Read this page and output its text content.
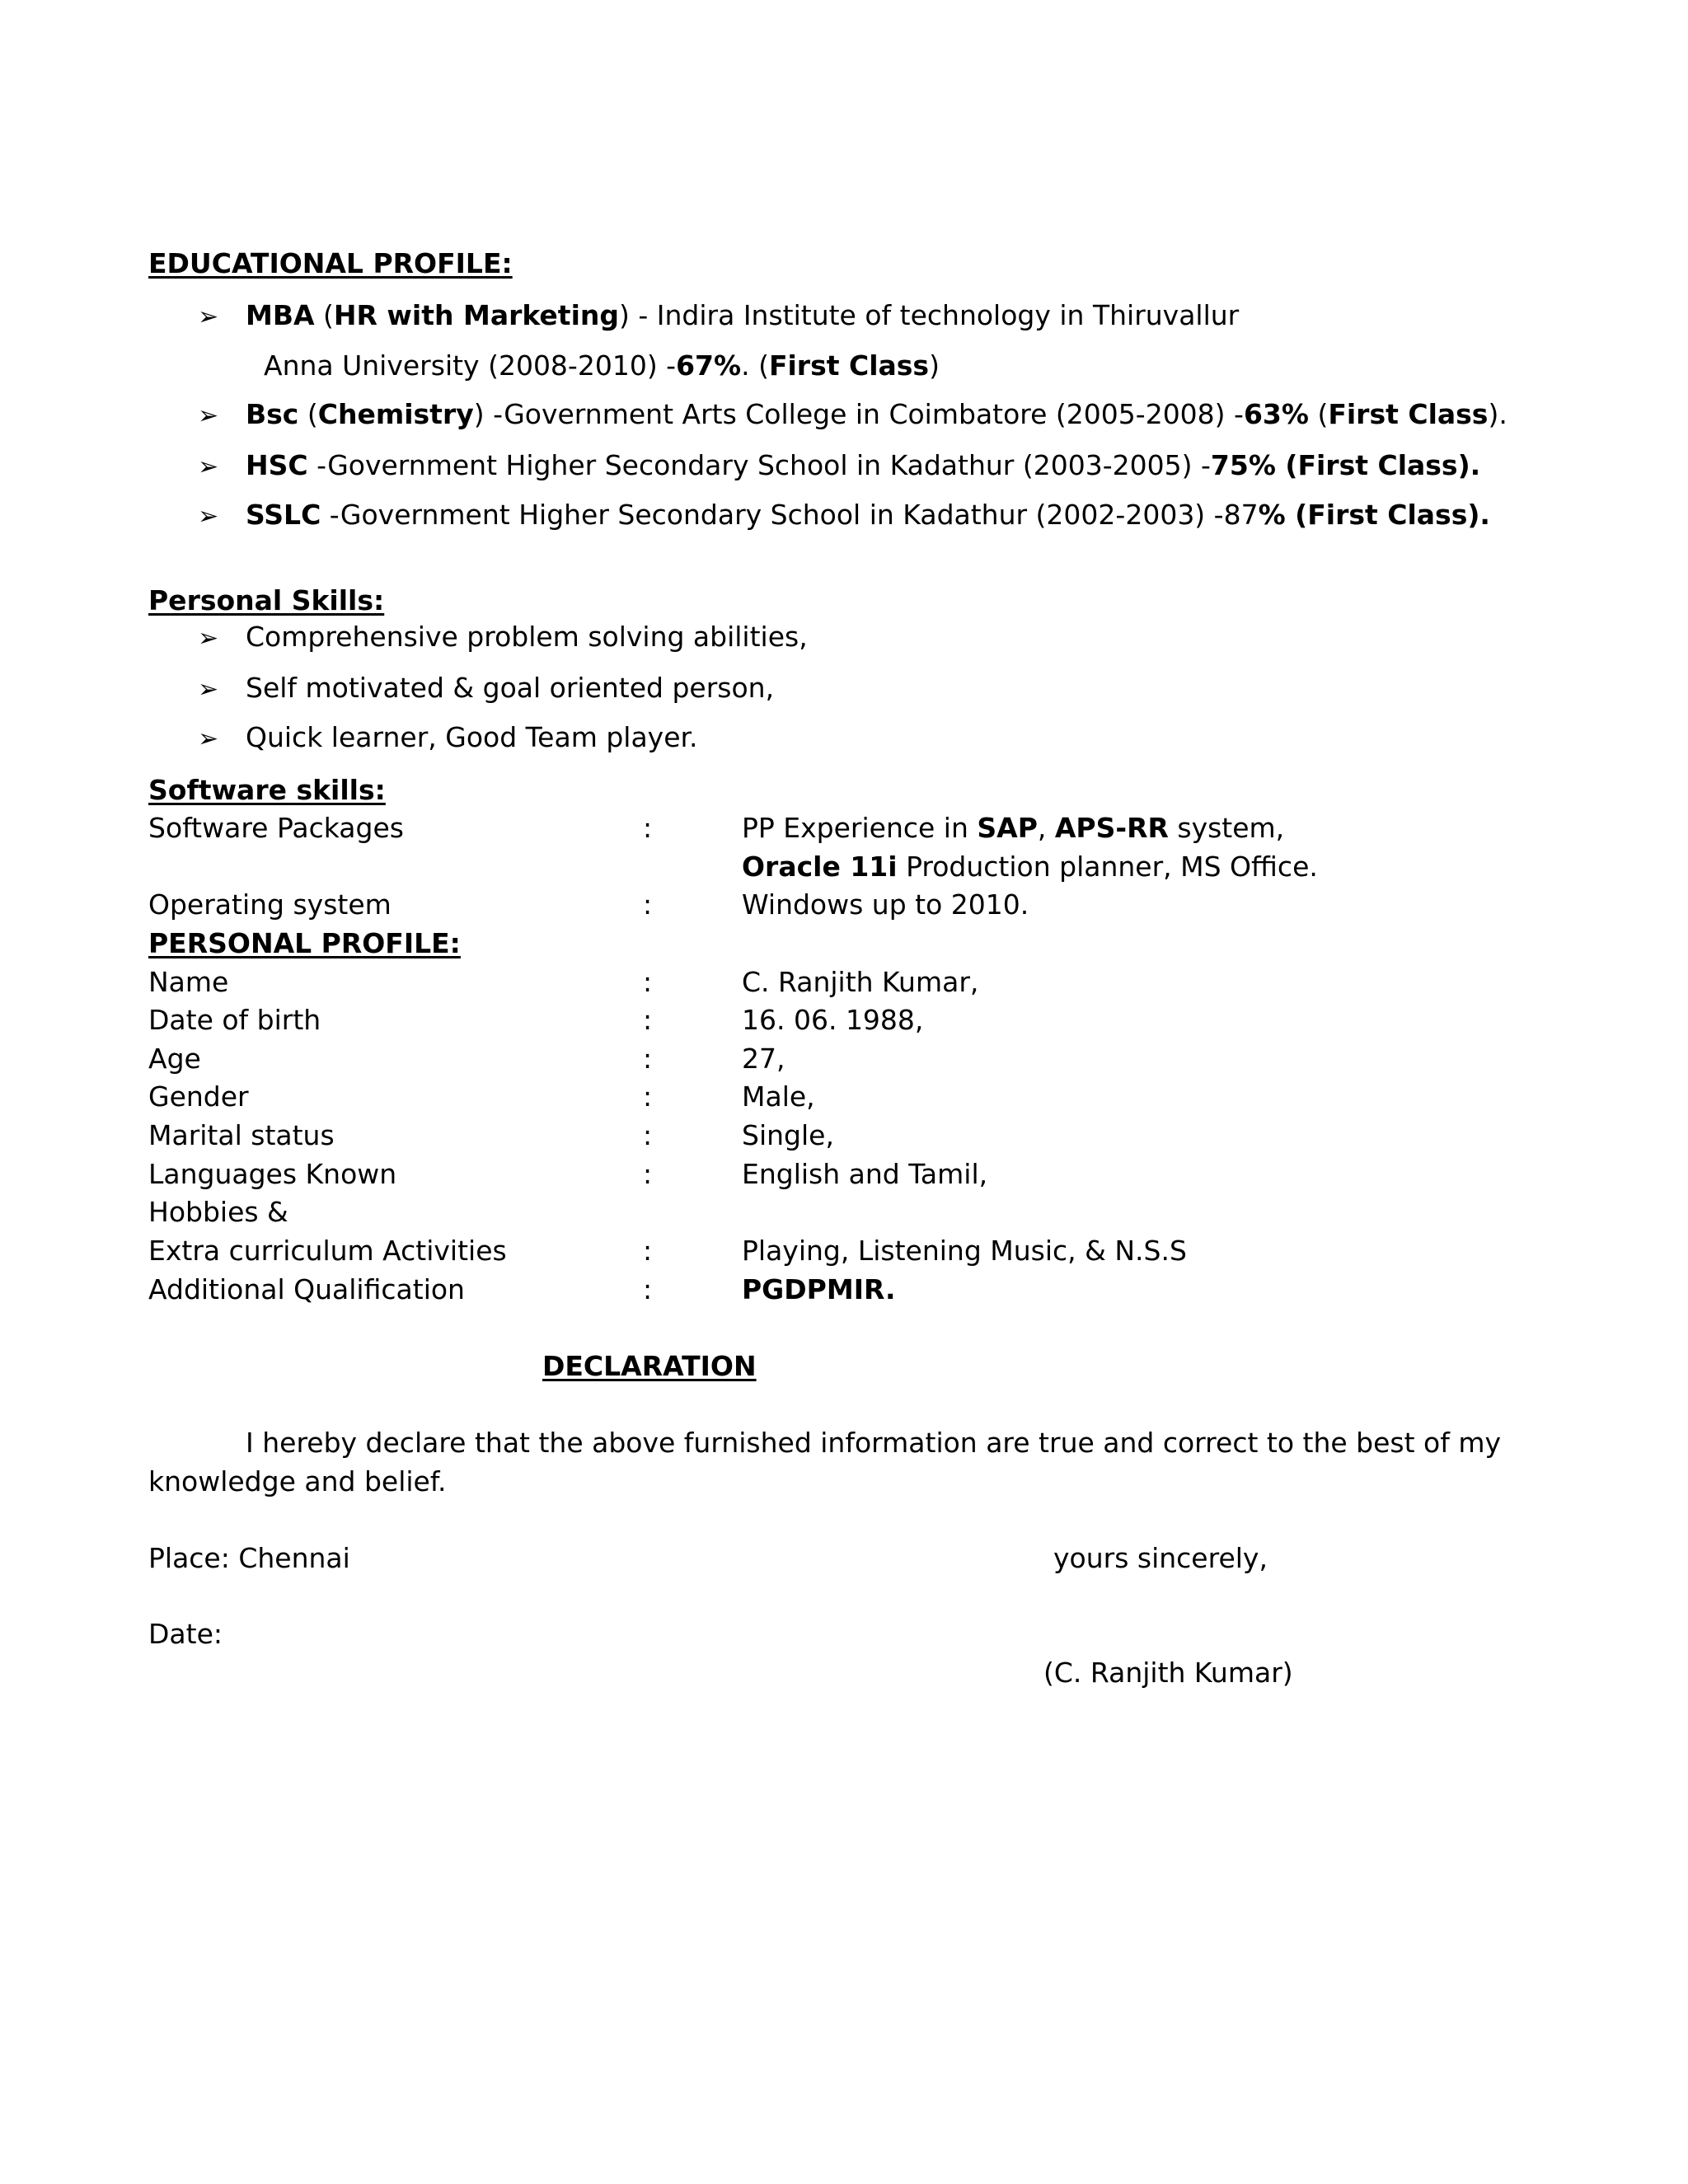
EDUCATIONAL PROFILE:
➢ MBA (HR with Marketing) - Indira Institute of technology in Thiruvallur
Anna University (2008-2010) -67%. (First Class)
➢ Bsc (Chemistry) -Government Arts College in Coimbatore (2005-2008) -63% (First Class).
➢ HSC -Government Higher Secondary School in Kadathur (2003-2005) -75% (First Class).
➢ SSLC -Government Higher Secondary School in Kadathur (2002-2003) -87% (First Class).
Personal Skills:
➢ Comprehensive problem solving abilities,
➢ Self motivated & goal oriented person,
➢ Quick learner, Good Team player.
Software skills:
Software Packages	:	PP Experience in SAP, APS-RR system,
Oracle 11i Production planner, MS Office.
Operating system	:	Windows up to 2010.
PERSONAL PROFILE:
Name	:	C. Ranjith Kumar,
Date of birth	:	16. 06. 1988,
Age	:	27,
Gender	:	Male,
Marital status	:	Single,
Languages Known	:	English and Tamil,
Hobbies &
Extra curriculum Activities	:	Playing, Listening Music, & N.S.S
Additional Qualification	:	PGDPMIR.
DECLARATION
I hereby declare that the above furnished information are true and correct to the best of my
knowledge and belief.
Place: Chennai	yours sincerely,
Date:
(C. Ranjith Kumar)
